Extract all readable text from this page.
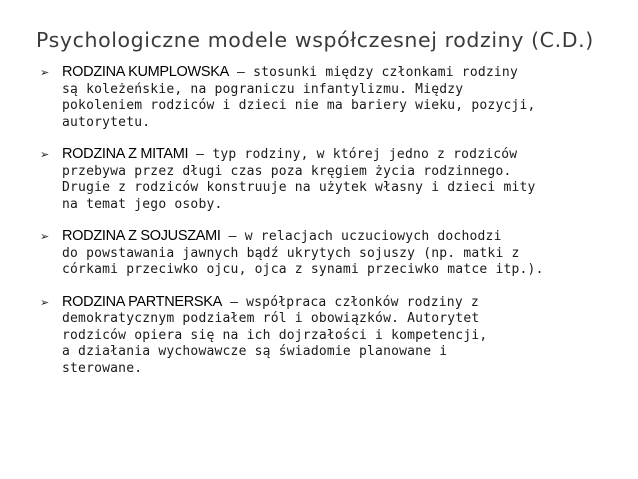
Psychologiczne modele współczesnej rodziny (C.D.)
➢ RODZINA KUMPLOWSKA – stosunki między członkami rodziny
są koleżeńskie, na pograniczu infantylizmu. Między
pokoleniem rodziców i dzieci nie ma bariery wieku, pozycji,
autorytetu.
➢ RODZINA Z MITAMI – typ rodziny, w której jedno z rodziców
przebywa przez długi czas poza kręgiem życia rodzinnego.
Drugie z rodziców konstruuje na użytek własny i dzieci mity
na temat jego osoby.
➢ RODZINA Z SOJUSZAMI – w relacjach uczuciowych dochodzi
do powstawania jawnych bądź ukrytych sojuszy (np. matki z
córkami przeciwko ojcu, ojca z synami przeciwko matce itp.).
➢ RODZINA PARTNERSKA – współpraca członków rodziny z
demokratycznym podziałem ról i obowiązków. Autorytet
rodziców opiera się na ich dojrzałości i kompetencji,
a działania wychowawcze są świadomie planowane i
sterowane.
